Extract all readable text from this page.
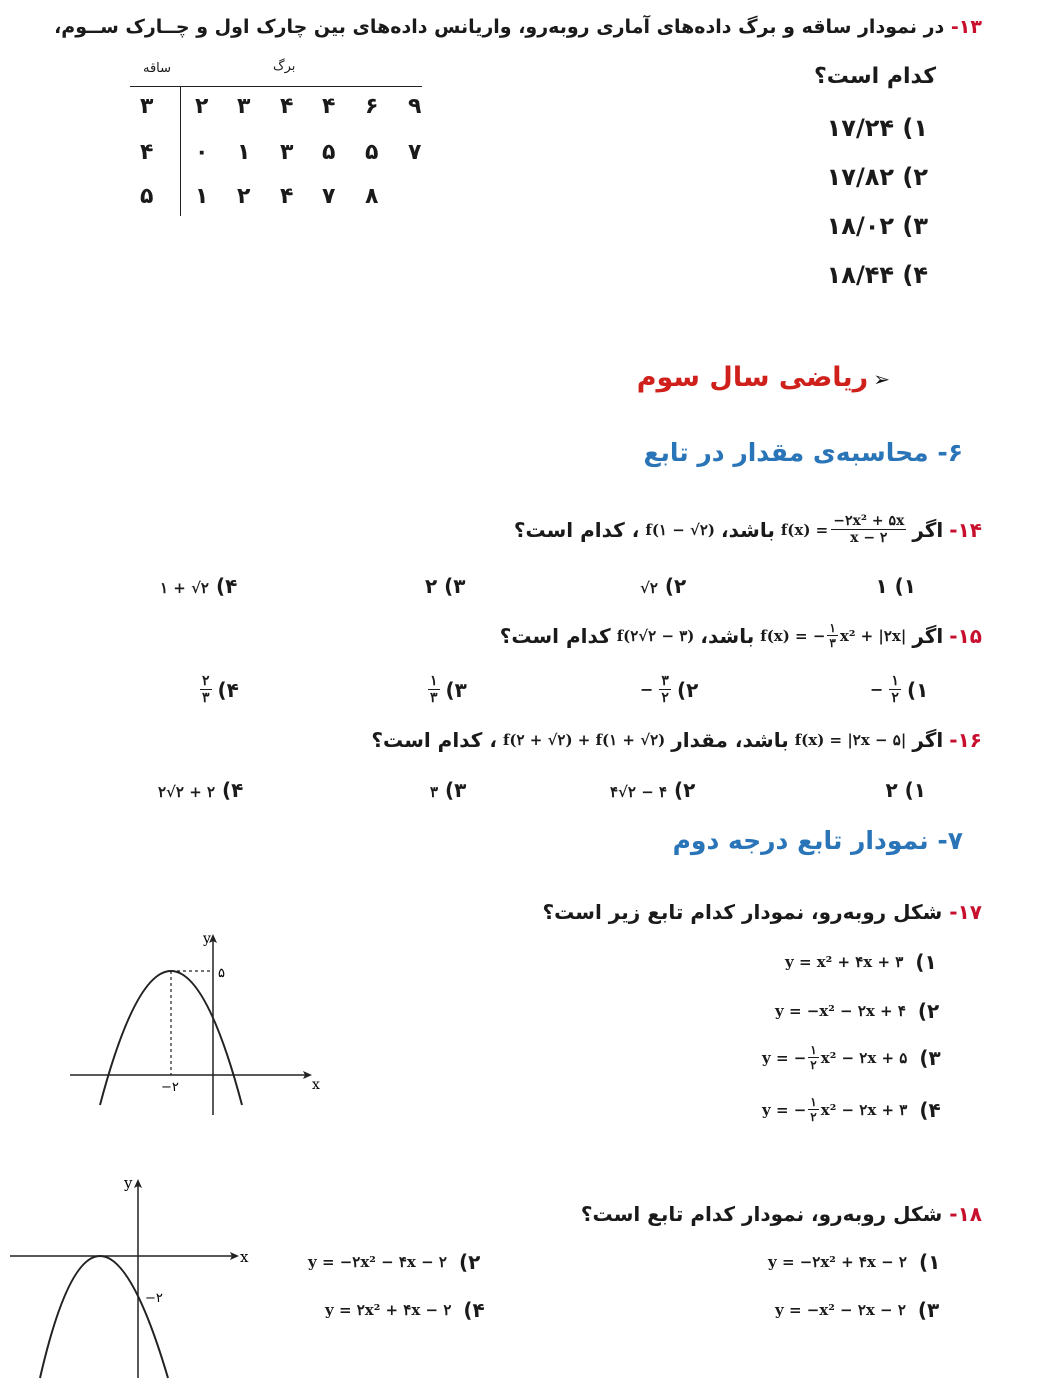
۱۳- در نمودار ساقه و برگ داده‌های آماری روبه‌رو، واریانس داده‌های بین چارک اول و چــارک ســوم،
کدام است؟
۱۷/۲۴ (۱
۱۷/۸۲ (۲
۱۸/۰۲ (۳
۱۸/۴۴ (۴
ساقه	برگ
۳ ۲ ۳ ۴ ۴ ۶ ۹
۴ ۰ ۱ ۳ ۵ ۵ ۷
۵ ۱ ۲ ۴ ۷ ۸
➢ ریاضی سال سوم
۶- محاسبه‌ی مقدار در تابع
۱۴-
اگر
$f(x) = \frac{\text{−۲x² + ۵x}}{x - ۲}$
باشد،
f(۱ − √۲)
، کدام است؟
۱ (۱
√۲ (۲
۲ (۳
۱ + √۲ (۴
۱۵-
اگر
f(x) = − $\frac{۱}{۳} x^2$ + |۲x|
باشد،
f(۲√۲ − ۳)
کدام است؟
− $\frac{۱}{۲}$ (۱
− $\frac{۳}{۲}$ (۲
$\frac{۱}{۳}$ (۳
$\frac{۲}{۳}$ (۴
۱۶-
اگر
f(x) = |۲x − ۵|
باشد، مقدار
f(۲ + √۲) + f(۱ + √۲)
، کدام است؟
۲ (۱
۴√۲ − ۴ (۲
۳ (۳
۲√۲ + ۲ (۴
۷- نمودار تابع درجه دوم
۱۷- شکل روبه‌رو، نمودار کدام تابع زیر است؟
y = x² + ۴x + ۳ (۱
y = −x² − ۲x + ۴ (۲
y = − $\frac{۱}{۲} x^2$ − ۲x + ۵ (۳
y = − $\frac{۱}{۲} x^2$ − ۲x + ۳ (۴
y
x
۵
−۲
۱۸- شکل روبه‌رو، نمودار کدام تابع است؟
y = −۲x² + ۴x − ۲ (۱
y = −۲x² − ۴x − ۲ (۲
y = −x² − ۲x − ۲ (۳
y = ۲x² + ۴x − ۲ (۴
y
x
−۲
